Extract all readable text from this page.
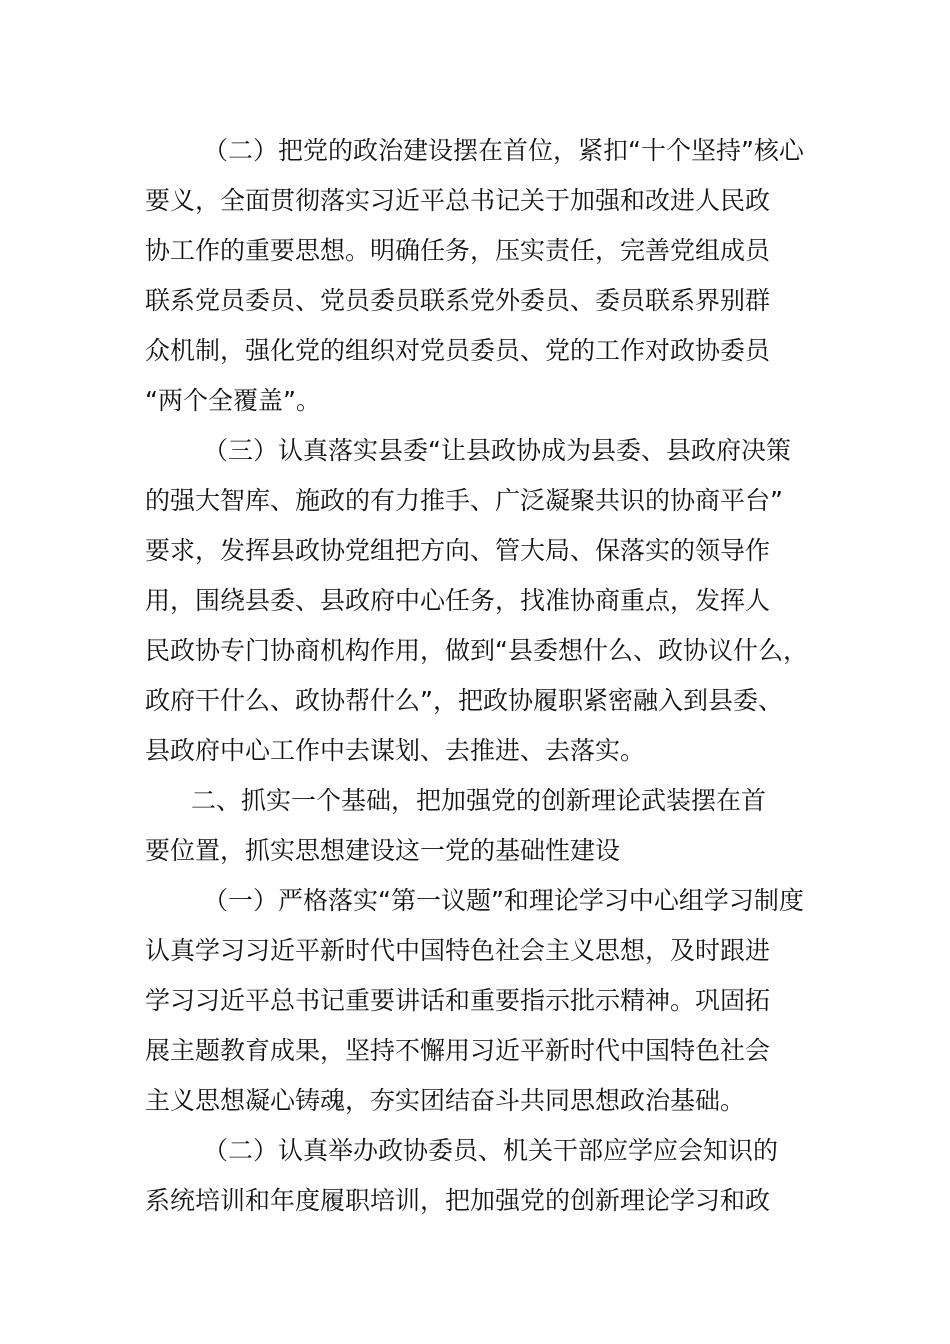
（二）把党的政治建设摆在首位，紧扣“十个坚持”核心
要义，全面贯彻落实习近平总书记关于加强和改进人民政
协工作的重要思想。明确任务，压实责任，完善党组成员
联系党员委员、党员委员联系党外委员、委员联系界别群
众机制，强化党的组织对党员委员、党的工作对政协委员
“两个全覆盖”。
（三）认真落实县委“让县政协成为县委、县政府决策
的强大智库、施政的有力推手、广泛凝聚共识的协商平台”
要求，发挥县政协党组把方向、管大局、保落实的领导作
用，围绕县委、县政府中心任务，找准协商重点，发挥人
民政协专门协商机构作用，做到“县委想什么、政协议什么，
政府干什么、政协帮什么”，把政协履职紧密融入到县委、
县政府中心工作中去谋划、去推进、去落实。
二、抓实一个基础，把加强党的创新理论武装摆在首
要位置，抓实思想建设这一党的基础性建设
（一）严格落实“第一议题”和理论学习中心组学习制度
认真学习习近平新时代中国特色社会主义思想，及时跟进
学习习近平总书记重要讲话和重要指示批示精神。巩固拓
展主题教育成果，坚持不懈用习近平新时代中国特色社会
主义思想凝心铸魂，夯实团结奋斗共同思想政治基础。
（二）认真举办政协委员、机关干部应学应会知识的
系统培训和年度履职培训，把加强党的创新理论学习和政
